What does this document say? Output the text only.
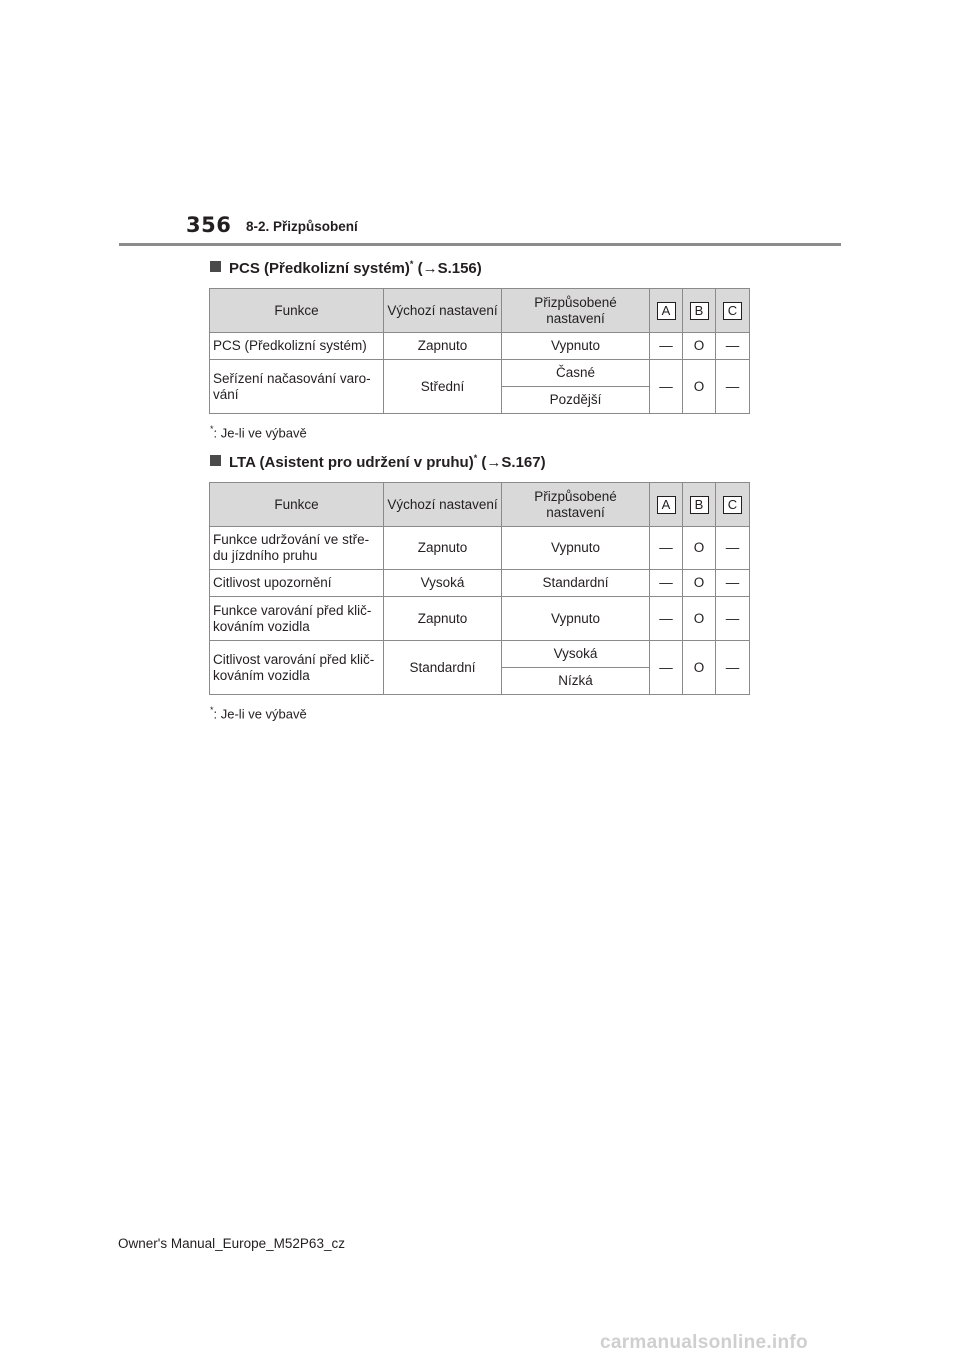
356 8-2. Přizpůsobení
PCS (Předkolizní systém)* (→S.156)
Funkce	Výchozí nastavení	Přizpůsobené nastavení	A	B	C
PCS (Předkolizní systém)	Zapnuto	Vypnuto	—	O	—
Seřízení načasování varo-vání	Střední	Časné	—	O	—
		Pozdější			
*: Je-li ve výbavě
LTA (Asistent pro udržení v pruhu)* (→S.167)
Funkce	Výchozí nastavení	Přizpůsobené nastavení	A	B	C
Funkce udržování ve stře-du jízdního pruhu	Zapnuto	Vypnuto	—	O	—
Citlivost upozornění	Vysoká	Standardní	—	O	—
Funkce varování před klič-kováním vozidla	Zapnuto	Vypnuto	—	O	—
Citlivost varování před klič-kováním vozidla	Standardní	Vysoká	—	O	—
		Nízká			
*: Je-li ve výbavě
Owner's Manual_Europe_M52P63_cz
carmanualsonline.info
